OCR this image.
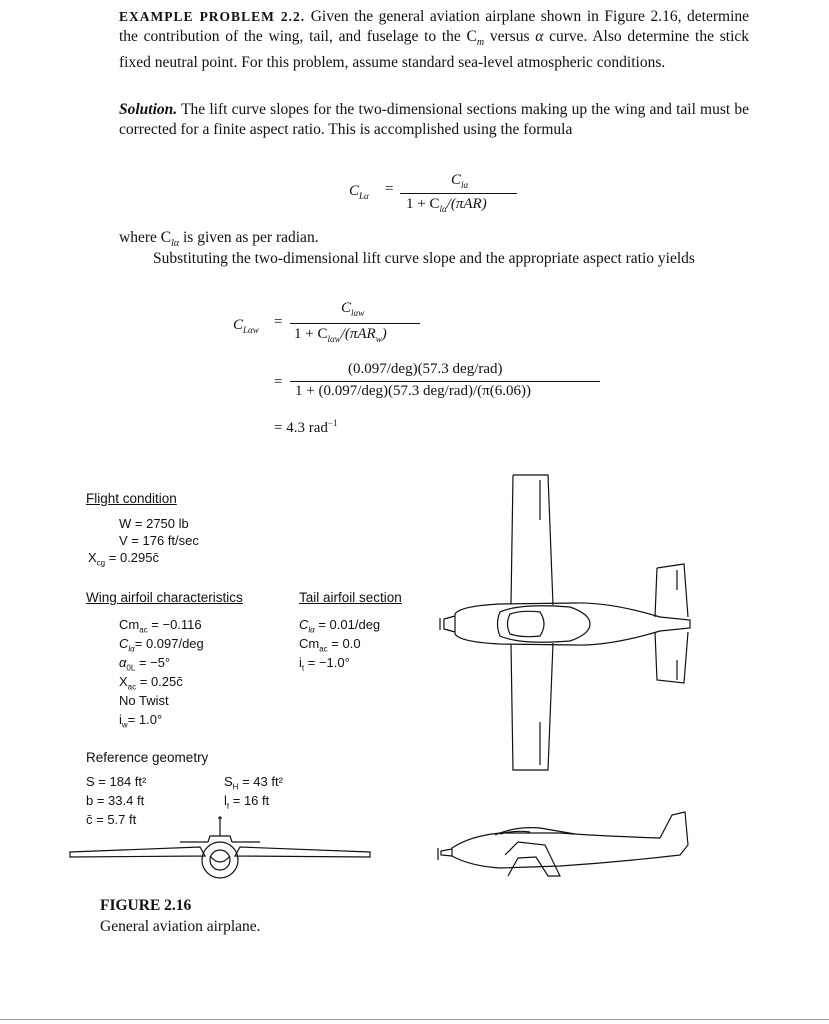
EXAMPLE PROBLEM 2.2. Given the general aviation airplane shown in Figure 2.16, determine the contribution of the wing, tail, and fuselage to the $C_m$ versus α curve. Also determine the stick fixed neutral point. For this problem, assume standard sea-level atmospheric conditions.
Solution. The lift curve slopes for the two-dimensional sections making up the wing and tail must be corrected for a finite aspect ratio. This is accomplished using the formula
$C_{L\alpha}$ =
$C_{l\alpha}$
$1 + C_{l\alpha}/(\pi AR)$
where $C_{l\alpha}$ is given as per radian.
Substituting the two-dimensional lift curve slope and the appropriate aspect ratio yields
$C_{L\alpha w}$ =
$C_{l\alpha w}$
$1 + C_{l\alpha w}/(\pi AR_w)$
=
(0.097/deg)(57.3 deg/rad)
1 + (0.097/deg)(57.3 deg/rad)/(π(6.06))
= 4.3 rad$^{-1}$
Flight condition
W = 2750 lb
V = 176 ft/sec
$X_{cg}$ = 0.295c̄
Wing airfoil characteristics
$Cm_{ac} = -0.116$
$C_{l\alpha}= 0.097/deg$
$\alpha_{0L} = -5^\circ$
$X_{ac}$ = 0.25c̄
No Twist
$i_w= 1.0^\circ$
Tail airfoil section
$C_{l\alpha} = 0.01/deg$
$Cm_{ac} = 0.0$
$i_t = -1.0^\circ$
Reference geometry
S = 184 ft²
b = 33.4 ft
c̄ = 5.7 ft
$S_H = 43$ ft²
$l_t = 16$ ft
FIGURE 2.16
General aviation airplane.
